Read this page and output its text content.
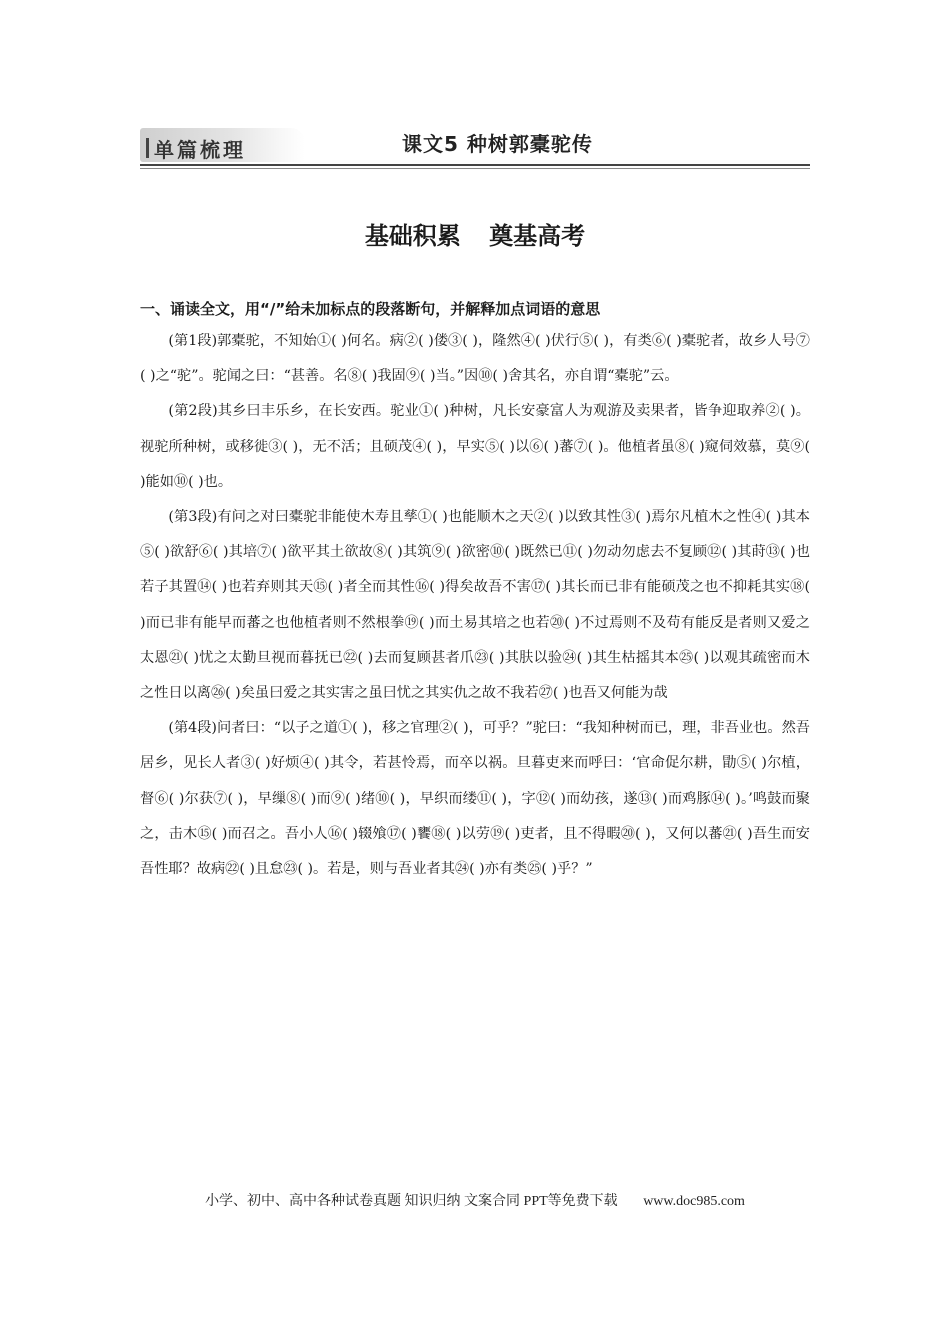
单篇梳理	课文5 种树郭橐驼传
基础积累 奠基高考

一、诵读全文，用“/”给未加标点的段落断句，并解释加点词语的意思

(第1段)郭橐驼，不知始①( )何名。病②( )偻③( )，隆然④( )伏行⑤( )，有类⑥( )橐驼者，故乡人号⑦( )之“驼”。驼闻之曰：“甚善。名⑧( )我固⑨( )当。”因⑩( )舍其名，亦自谓“橐驼”云。

(第2段)其乡曰丰乐乡，在长安西。驼业①( )种树，凡长安豪富人为观游及卖果者，皆争迎取养②( )。视驼所种树，或移徙③( )，无不活；且硕茂④( )，早实⑤( )以⑥( )蕃⑦( )。他植者虽⑧( )窥伺效慕，莫⑨( )能如⑩( )也。

(第3段)有问之对曰橐驼非能使木寿且孳①( )也能顺木之天②( )以致其性③( )焉尔凡植木之性④( )其本⑤( )欲舒⑥( )其培⑦( )欲平其土欲故⑧( )其筑⑨( )欲密⑩( )既然已⑪( )勿动勿虑去不复顾⑫( )其莳⑬( )也若子其置⑭( )也若弃则其天⑮( )者全而其性⑯( )得矣故吾不害⑰( )其长而已非有能硕茂之也不抑耗其实⑱( )而已非有能早而蕃之也他植者则不然根拳⑲( )而土易其培之也若⑳( )不过焉则不及苟有能反是者则又爱之太恩㉑( )忧之太勤旦视而暮抚已㉒( )去而复顾甚者爪㉓( )其肤以验㉔( )其生枯摇其本㉕( )以观其疏密而木之性日以离㉖( )矣虽曰爱之其实害之虽曰忧之其实仇之故不我若㉗( )也吾又何能为哉

(第4段)问者曰：“以子之道①( )，移之官理②( )，可乎？”驼曰：“我知种树而已，理，非吾业也。然吾居乡，见长人者③( )好烦④( )其令，若甚怜焉，而卒以祸。旦暮吏来而呼曰：‘官命促尔耕，勖⑤( )尔植，督⑥( )尔获⑦( )，早缫⑧( )而⑨( )绪⑩( )，早织而缕⑪( )，字⑫( )而幼孩，遂⑬( )而鸡豚⑭( )。’鸣鼓而聚之，击木⑮( )而召之。吾小人⑯( )辍飧⑰( )饔⑱( )以劳⑲( )吏者，且不得暇⑳( )，又何以蕃㉑( )吾生而安吾性耶？故病㉒( )且怠㉓( )。若是，则与吾业者其㉔( )亦有类㉕( )乎？”

小学、初中、高中各种试卷真题 知识归纳 文案合同 PPT等免费下载 www.doc985.com
